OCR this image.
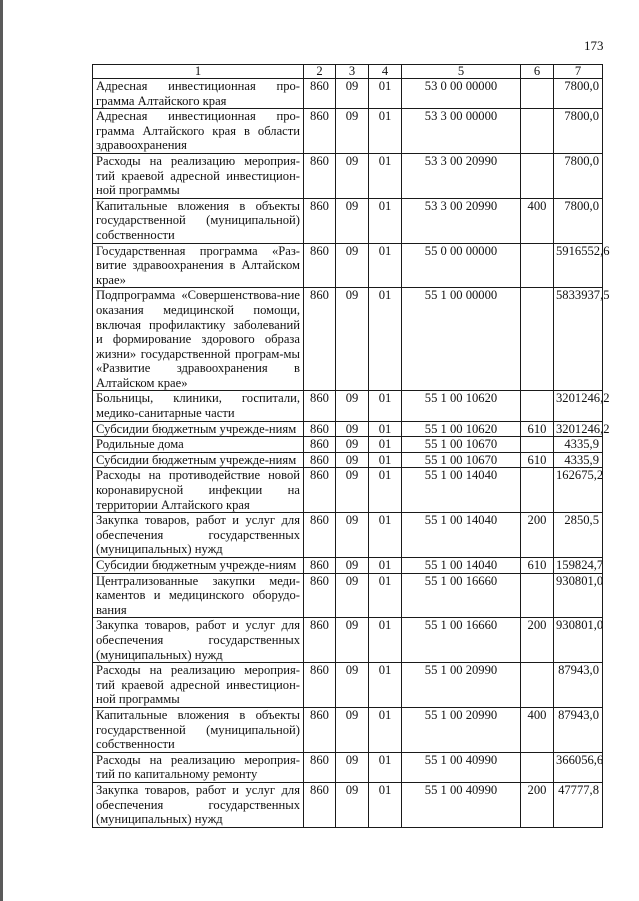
173
1	2	3	4	5	6	7
Адресная инвестиционная про-грамма Алтайского края	860	09	01	53 0 00 00000		7800,0
Адресная инвестиционная про-грамма Алтайского края в области здравоохранения	860	09	01	53 3 00 00000		7800,0
Расходы на реализацию мероприя-тий краевой адресной инвестицион-ной программы	860	09	01	53 3 00 20990		7800,0
Капитальные вложения в объекты государственной (муниципальной) собственности	860	09	01	53 3 00 20990	400	7800,0
Государственная программа «Раз-витие здравоохранения в Алтайском крае»	860	09	01	55 0 00 00000		5916552,6
Подпрограмма «Совершенствова-ние оказания медицинской помощи, включая профилактику заболеваний и формирование здорового образа жизни» государственной програм-мы «Развитие здравоохранения в Алтайском крае»	860	09	01	55 1 00 00000		5833937,5
Больницы, клиники, госпитали, медико-санитарные части	860	09	01	55 1 00 10620		3201246,2
Субсидии бюджетным учрежде-ниям	860	09	01	55 1 00 10620	610	3201246,2
Родильные дома	860	09	01	55 1 00 10670		4335,9
Субсидии бюджетным учрежде-ниям	860	09	01	55 1 00 10670	610	4335,9
Расходы на противодействие новой коронавирусной инфекции на территории Алтайского края	860	09	01	55 1 00 14040		162675,2
Закупка товаров, работ и услуг для обеспечения государственных (муниципальных) нужд	860	09	01	55 1 00 14040	200	2850,5
Субсидии бюджетным учрежде-ниям	860	09	01	55 1 00 14040	610	159824,7
Централизованные закупки меди-каментов и медицинского оборудо-вания	860	09	01	55 1 00 16660		930801,0
Закупка товаров, работ и услуг для обеспечения государственных (муниципальных) нужд	860	09	01	55 1 00 16660	200	930801,0
Расходы на реализацию мероприя-тий краевой адресной инвестицион-ной программы	860	09	01	55 1 00 20990		87943,0
Капитальные вложения в объекты государственной (муниципальной) собственности	860	09	01	55 1 00 20990	400	87943,0
Расходы на реализацию мероприя-тий по капитальному ремонту	860	09	01	55 1 00 40990		366056,6
Закупка товаров, работ и услуг для обеспечения государственных (муниципальных) нужд	860	09	01	55 1 00 40990	200	47777,8
